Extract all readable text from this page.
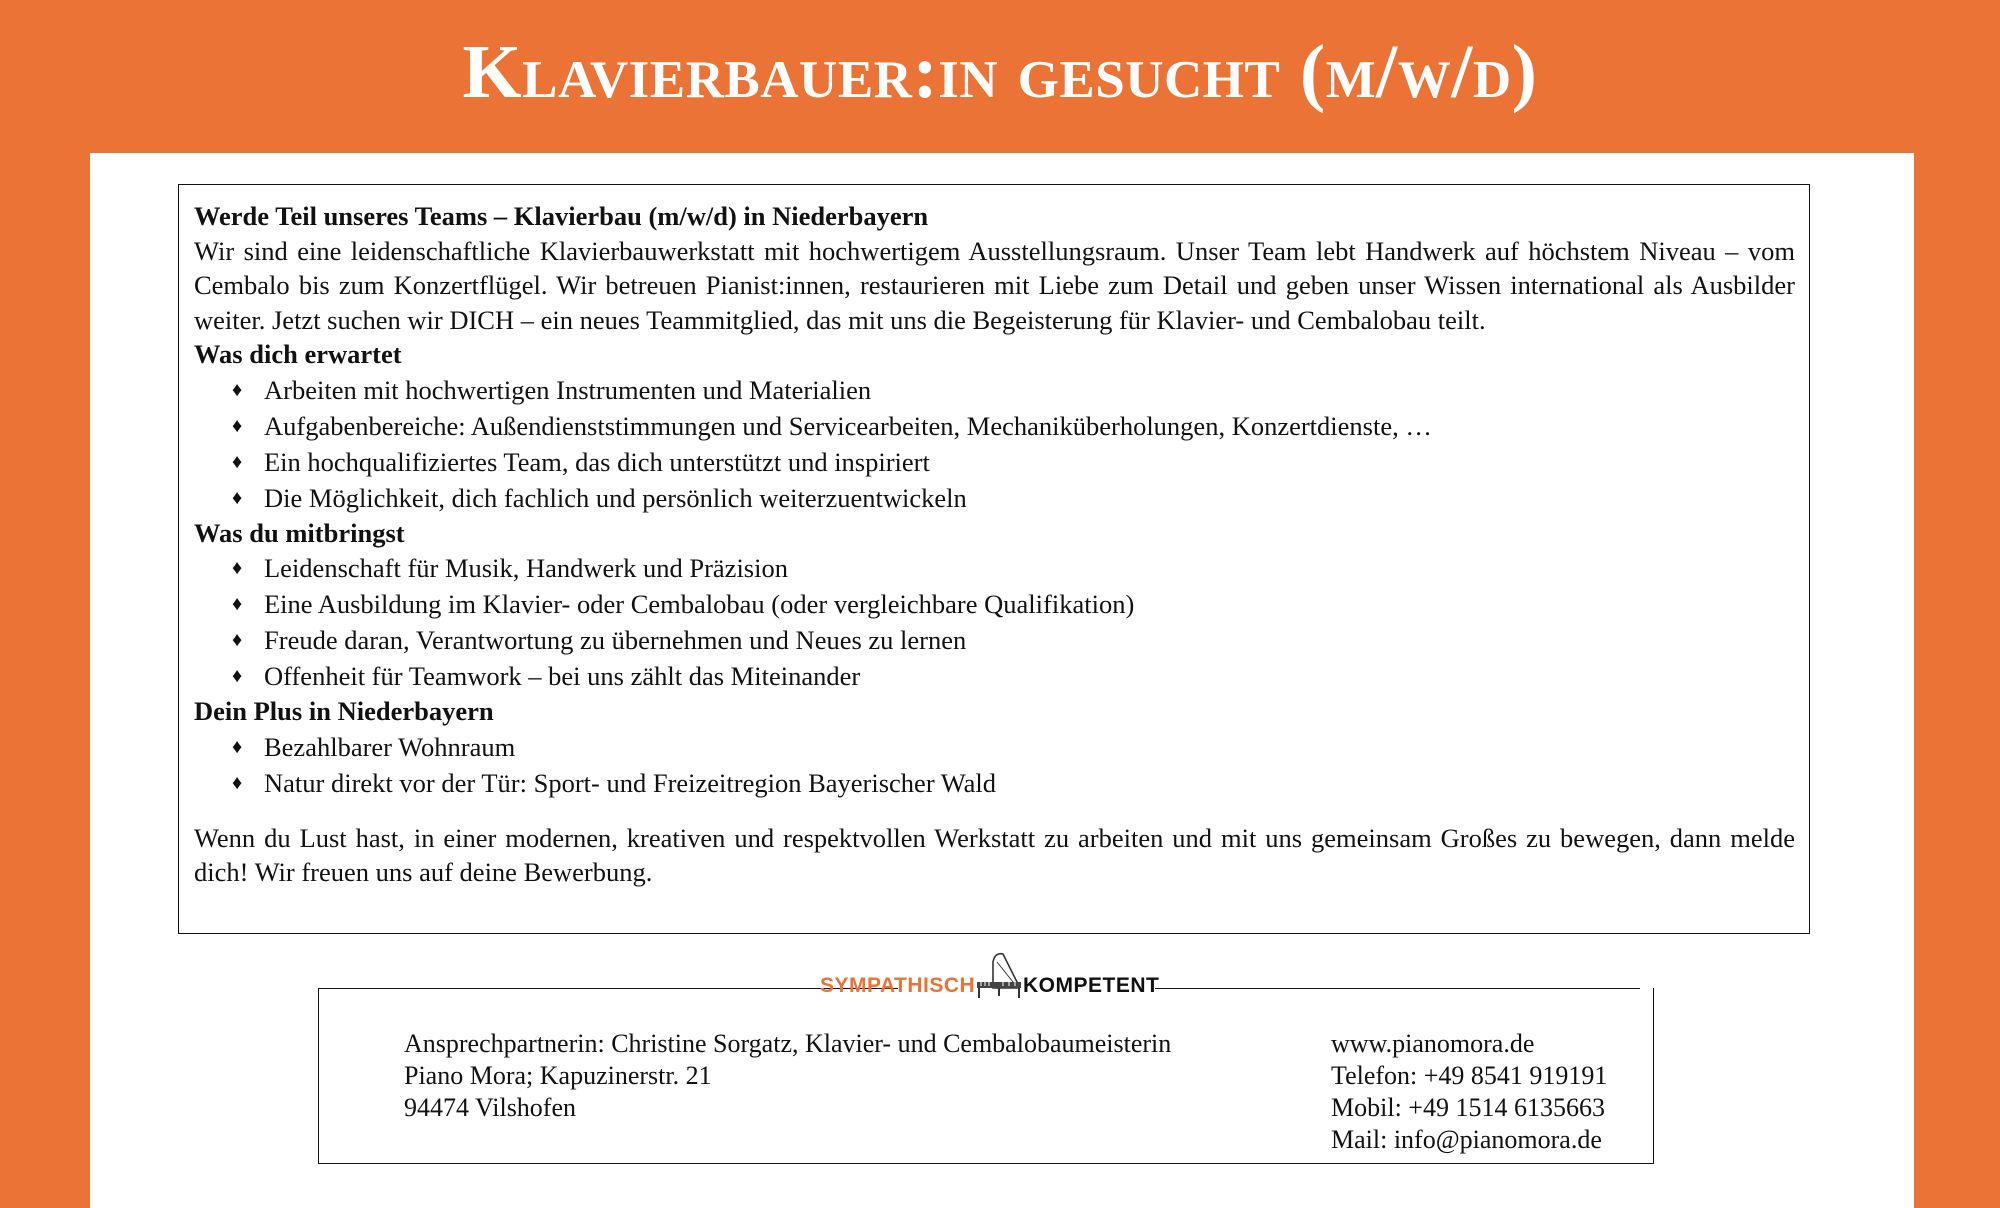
Klavierbauer:in gesucht (m/w/d)
Werde Teil unseres Teams – Klavierbau (m/w/d) in Niederbayern
Wir sind eine leidenschaftliche Klavierbauwerkstatt mit hochwertigem Ausstellungsraum. Unser Team lebt Handwerk auf höchstem Niveau – vom Cembalo bis zum Konzertflügel. Wir betreuen Pianist:innen, restaurieren mit Liebe zum Detail und geben unser Wissen international als Ausbilder weiter. Jetzt suchen wir DICH – ein neues Teammitglied, das mit uns die Begeisterung für Klavier- und Cembalobau teilt.
Was dich erwartet
♦ Arbeiten mit hochwertigen Instrumenten und Materialien
♦ Aufgabenbereiche: Außendienststimmungen und Servicearbeiten, Mechaniküberholungen, Konzertdienste, …
♦ Ein hochqualifiziertes Team, das dich unterstützt und inspiriert
♦ Die Möglichkeit, dich fachlich und persönlich weiterzuentwickeln
Was du mitbringst
♦ Leidenschaft für Musik, Handwerk und Präzision
♦ Eine Ausbildung im Klavier- oder Cembalobau (oder vergleichbare Qualifikation)
♦ Freude daran, Verantwortung zu übernehmen und Neues zu lernen
♦ Offenheit für Teamwork – bei uns zählt das Miteinander
Dein Plus in Niederbayern
♦ Bezahlbarer Wohnraum
♦ Natur direkt vor der Tür: Sport- und Freizeitregion Bayerischer Wald
Wenn du Lust hast, in einer modernen, kreativen und respektvollen Werkstatt zu arbeiten und mit uns gemeinsam Großes zu bewegen, dann melde dich! Wir freuen uns auf deine Bewerbung.
SYMPATHISCH KOMPETENT
Ansprechpartnerin: Christine Sorgatz, Klavier- und Cembalobaumeisterin
Piano Mora; Kapuzinerstr. 21
94474 Vilshofen
www.pianomora.de
Telefon: +49 8541 919191
Mobil: +49 1514 6135663
Mail: info@pianomora.de
